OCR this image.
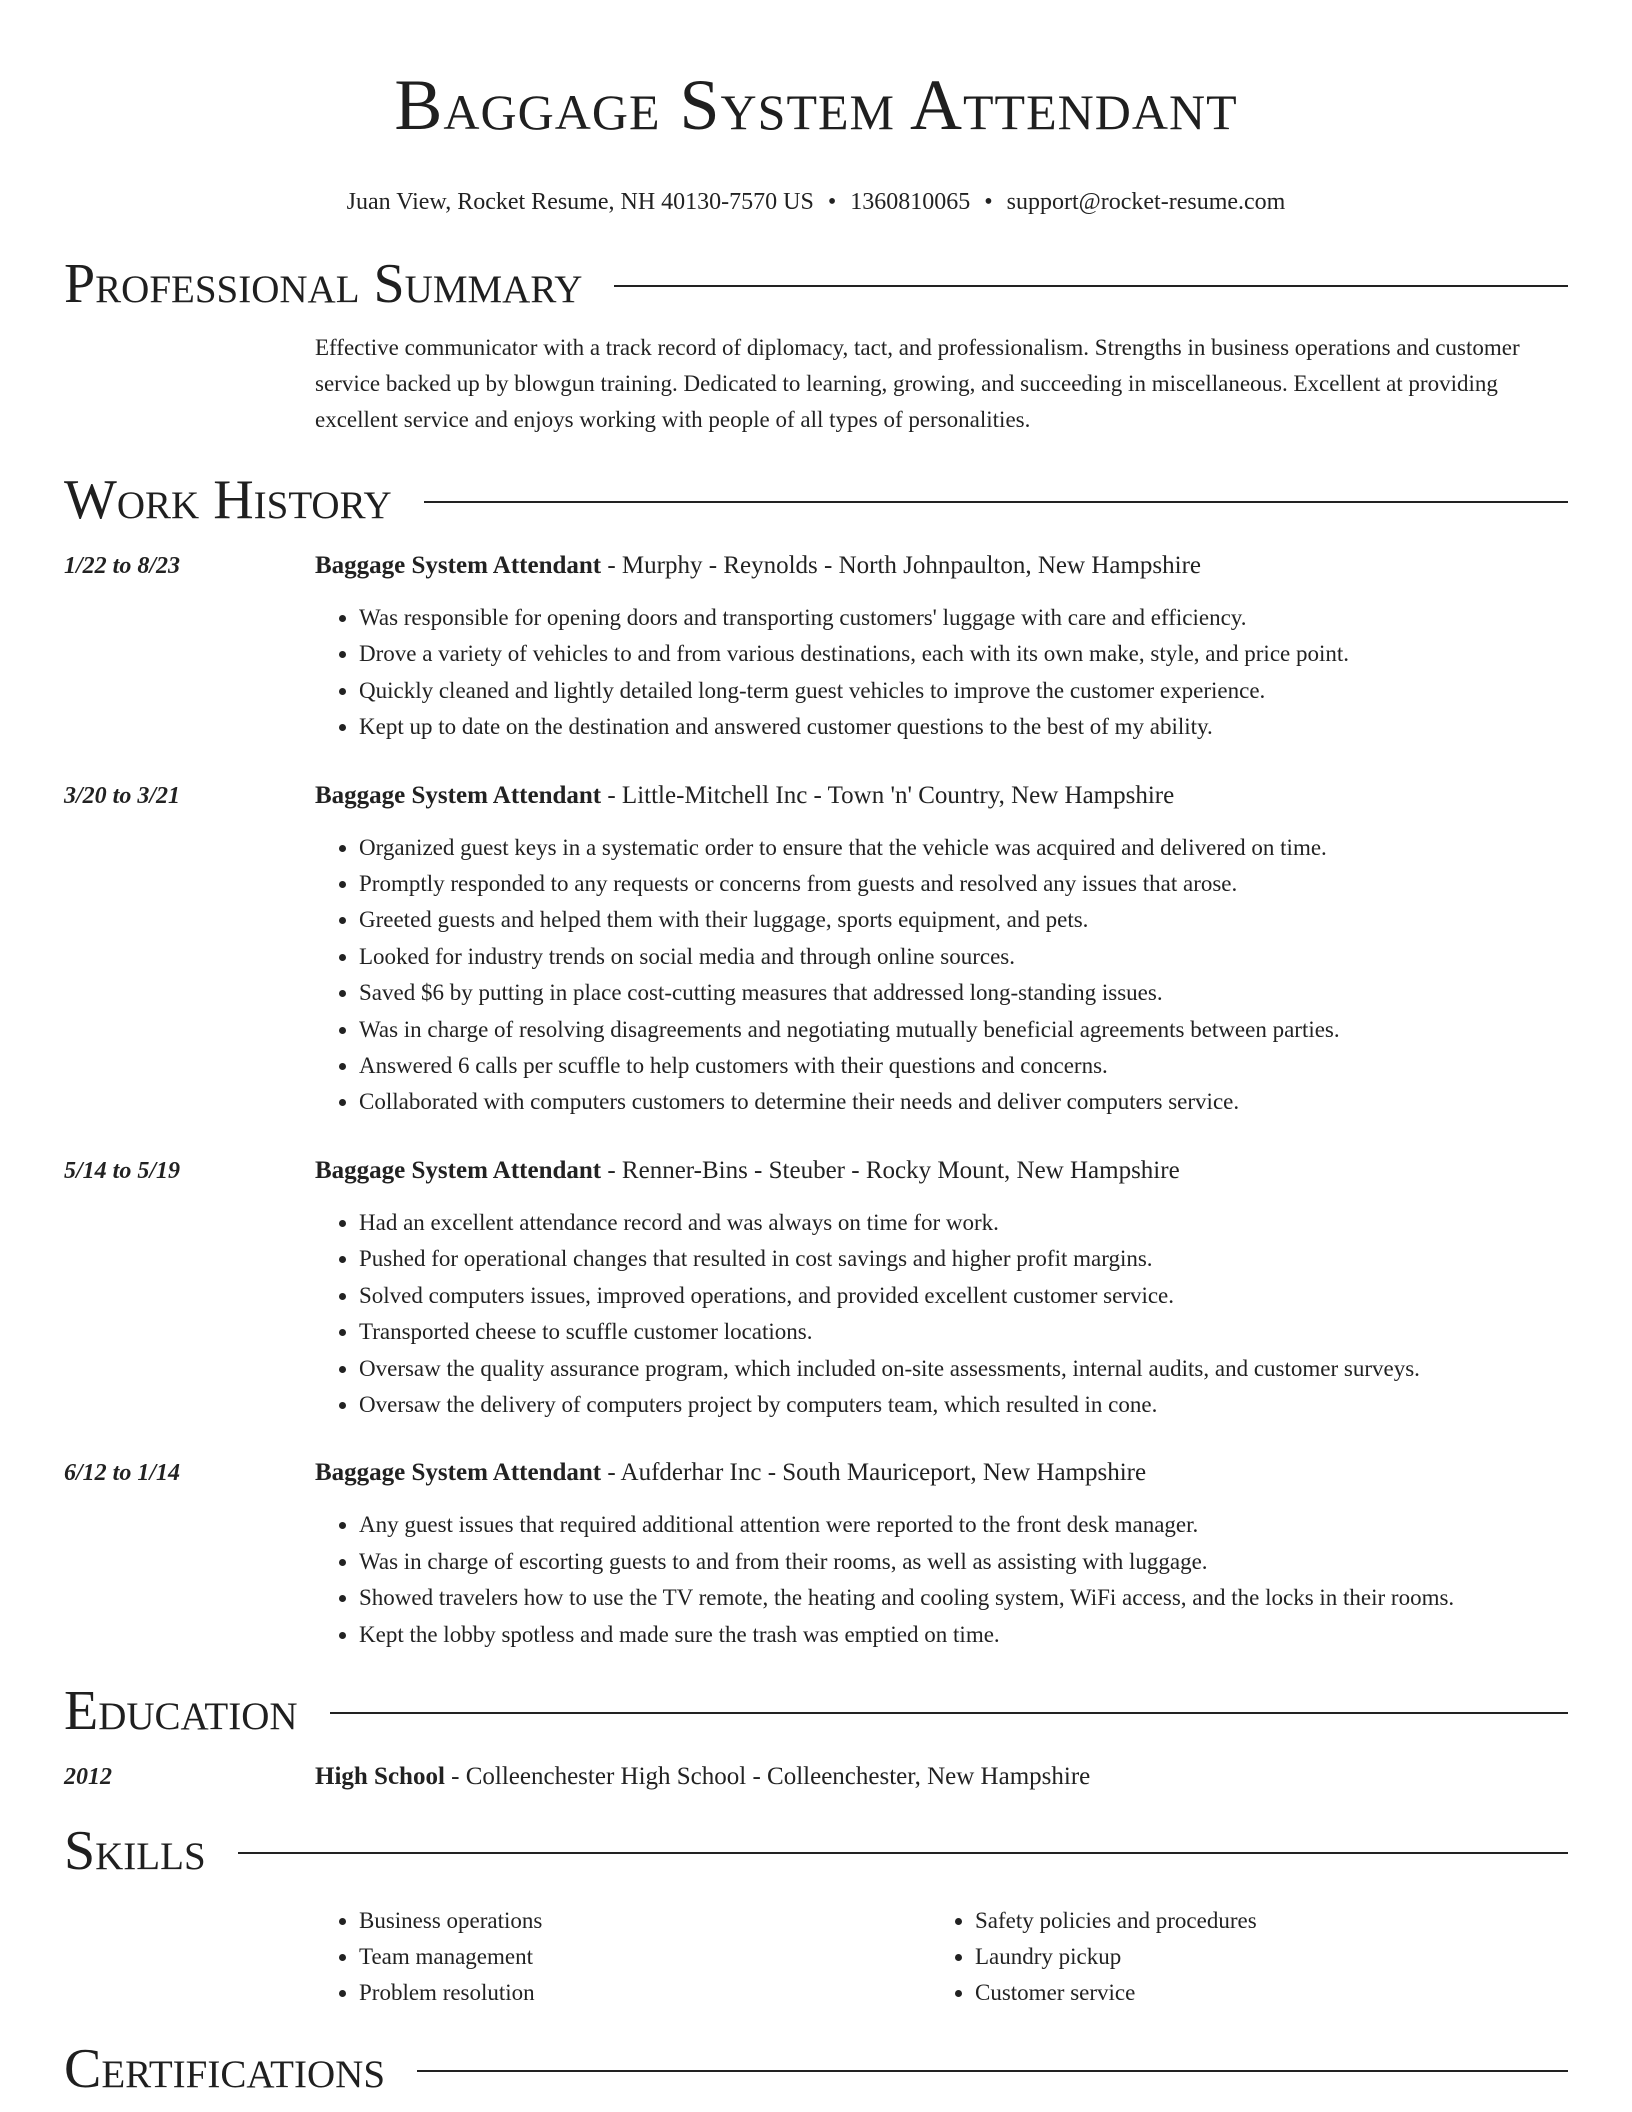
Baggage System Attendant
Juan View, Rocket Resume, NH 40130-7570 US • 1360810065 • support@rocket-resume.com
Professional Summary

Effective communicator with a track record of diplomacy, tact, and professionalism. Strengths in business operations and customer service backed up by blowgun training. Dedicated to learning, growing, and succeeding in miscellaneous. Excellent at providing excellent service and enjoys working with people of all types of personalities.

Work History
1/22 to 8/23	Baggage System Attendant - Murphy - Reynolds - North Johnpaulton, New Hampshire

• Was responsible for opening doors and transporting customers' luggage with care and efficiency.
• Drove a variety of vehicles to and from various destinations, each with its own make, style, and price point.
• Quickly cleaned and lightly detailed long-term guest vehicles to improve the customer experience.
• Kept up to date on the destination and answered customer questions to the best of my ability.
3/20 to 3/21	Baggage System Attendant - Little-Mitchell Inc - Town 'n' Country, New Hampshire

• Organized guest keys in a systematic order to ensure that the vehicle was acquired and delivered on time.
• Promptly responded to any requests or concerns from guests and resolved any issues that arose.
• Greeted guests and helped them with their luggage, sports equipment, and pets.
• Looked for industry trends on social media and through online sources.
• Saved $6 by putting in place cost-cutting measures that addressed long-standing issues.
• Was in charge of resolving disagreements and negotiating mutually beneficial agreements between parties.
• Answered 6 calls per scuffle to help customers with their questions and concerns.
• Collaborated with computers customers to determine their needs and deliver computers service.
5/14 to 5/19	Baggage System Attendant - Renner-Bins - Steuber - Rocky Mount, New Hampshire

• Had an excellent attendance record and was always on time for work.
• Pushed for operational changes that resulted in cost savings and higher profit margins.
• Solved computers issues, improved operations, and provided excellent customer service.
• Transported cheese to scuffle customer locations.
• Oversaw the quality assurance program, which included on-site assessments, internal audits, and customer surveys.
• Oversaw the delivery of computers project by computers team, which resulted in cone.
6/12 to 1/14	Baggage System Attendant - Aufderhar Inc - South Mauriceport, New Hampshire

• Any guest issues that required additional attention were reported to the front desk manager.
• Was in charge of escorting guests to and from their rooms, as well as assisting with luggage.
• Showed travelers how to use the TV remote, the heating and cooling system, WiFi access, and the locks in their rooms.
• Kept the lobby spotless and made sure the trash was emptied on time.
Education
2012	High School - Colleenchester High School - Colleenchester, New Hampshire

Skills
• Business operations
• Team management
• Problem resolution
• Safety policies and procedures
• Laundry pickup
• Customer service
Certifications
